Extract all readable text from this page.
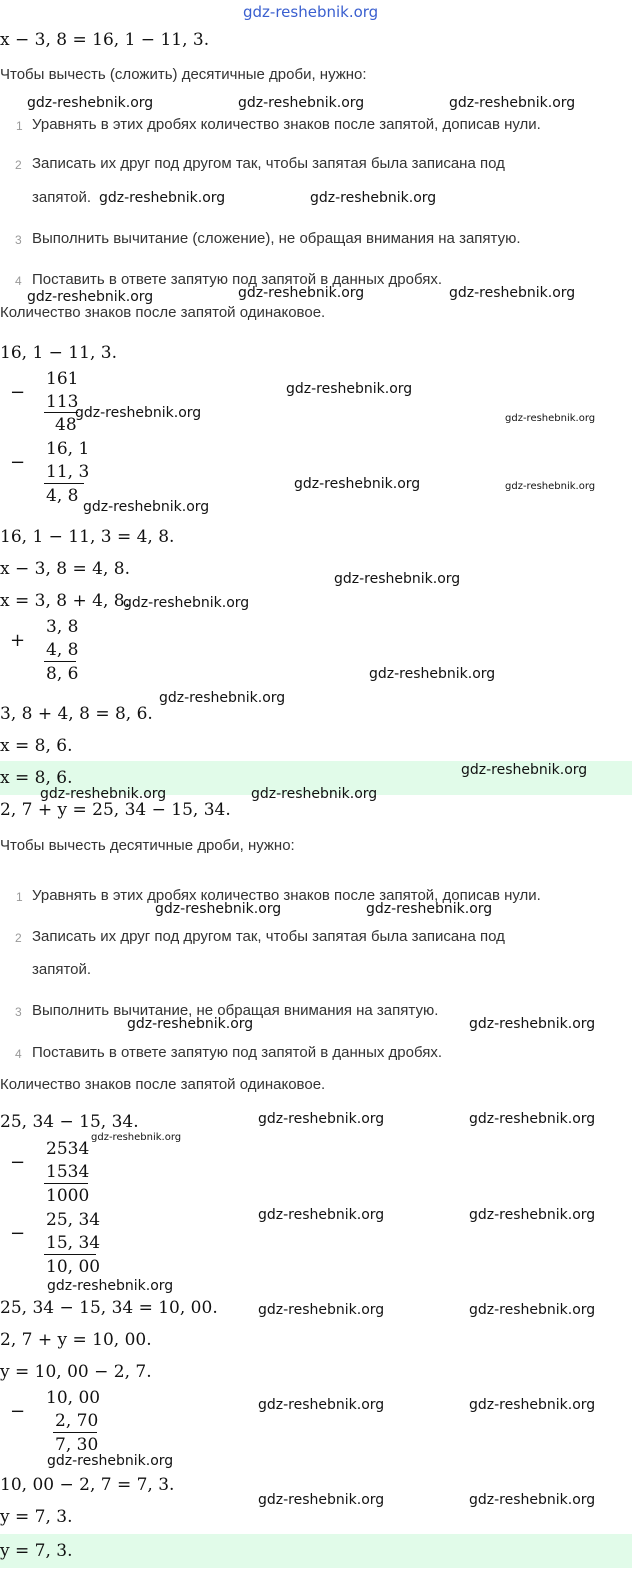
gdz-reshebnik.org
x − 3, 8 = 16, 1 − 11, 3.
Чтобы вычесть (сложить) десятичные дроби, нужно:
1 Уравнять в этих дробях количество знаков после запятой, дописав нули.
2 Записать их друг под другом так, чтобы запятая была записана под
запятой.
3 Выполнить вычитание (сложение), не обращая внимания на запятую.
4 Поставить в ответе запятую под запятой в данных дробях.
Количество знаков после запятой одинаковое.
16, 1 − 11, 3.
−
161
113
48
−
16, 1
11, 3
4, 8
16, 1 − 11, 3 = 4, 8.
x − 3, 8 = 4, 8.
x = 3, 8 + 4, 8.
+
3, 8
4, 8
8, 6
3, 8 + 4, 8 = 8, 6.
x = 8, 6.
x = 8, 6.
2, 7 + y = 25, 34 − 15, 34.
Чтобы вычесть десятичные дроби, нужно:
1 Уравнять в этих дробях количество знаков после запятой, дописав нули.
2 Записать их друг под другом так, чтобы запятая была записана под
запятой.
3 Выполнить вычитание, не обращая внимания на запятую.
4 Поставить в ответе запятую под запятой в данных дробях.
Количество знаков после запятой одинаковое.
25, 34 − 15, 34.
−
2534
1534
1000
−
25, 34
15, 34
10, 00
25, 34 − 15, 34 = 10, 00.
2, 7 + y = 10, 00.
y = 10, 00 − 2, 7.
−
10, 00
2, 70
7, 30
10, 00 − 2, 7 = 7, 3.
y = 7, 3.
y = 7, 3.
gdz-reshebnik.org	gdz-reshebnik.org	gdz-reshebnik.org
gdz-reshebnik.org	gdz-reshebnik.org
gdz-reshebnik.org	gdz-reshebnik.org	gdz-reshebnik.org
gdz-reshebnik.org
gdz-reshebnik.org	gdz-reshebnik.org
gdz-reshebnik.org	gdz-reshebnik.org
gdz-reshebnik.org
gdz-reshebnik.org
gdz-reshebnik.org
gdz-reshebnik.org
gdz-reshebnik.org
gdz-reshebnik.org
gdz-reshebnik.org	gdz-reshebnik.org
gdz-reshebnik.org	gdz-reshebnik.org
gdz-reshebnik.org	gdz-reshebnik.org
gdz-reshebnik.org	gdz-reshebnik.org
gdz-reshebnik.org
gdz-reshebnik.org	gdz-reshebnik.org
gdz-reshebnik.org
gdz-reshebnik.org	gdz-reshebnik.org
gdz-reshebnik.org	gdz-reshebnik.org
gdz-reshebnik.org
gdz-reshebnik.org	gdz-reshebnik.org
